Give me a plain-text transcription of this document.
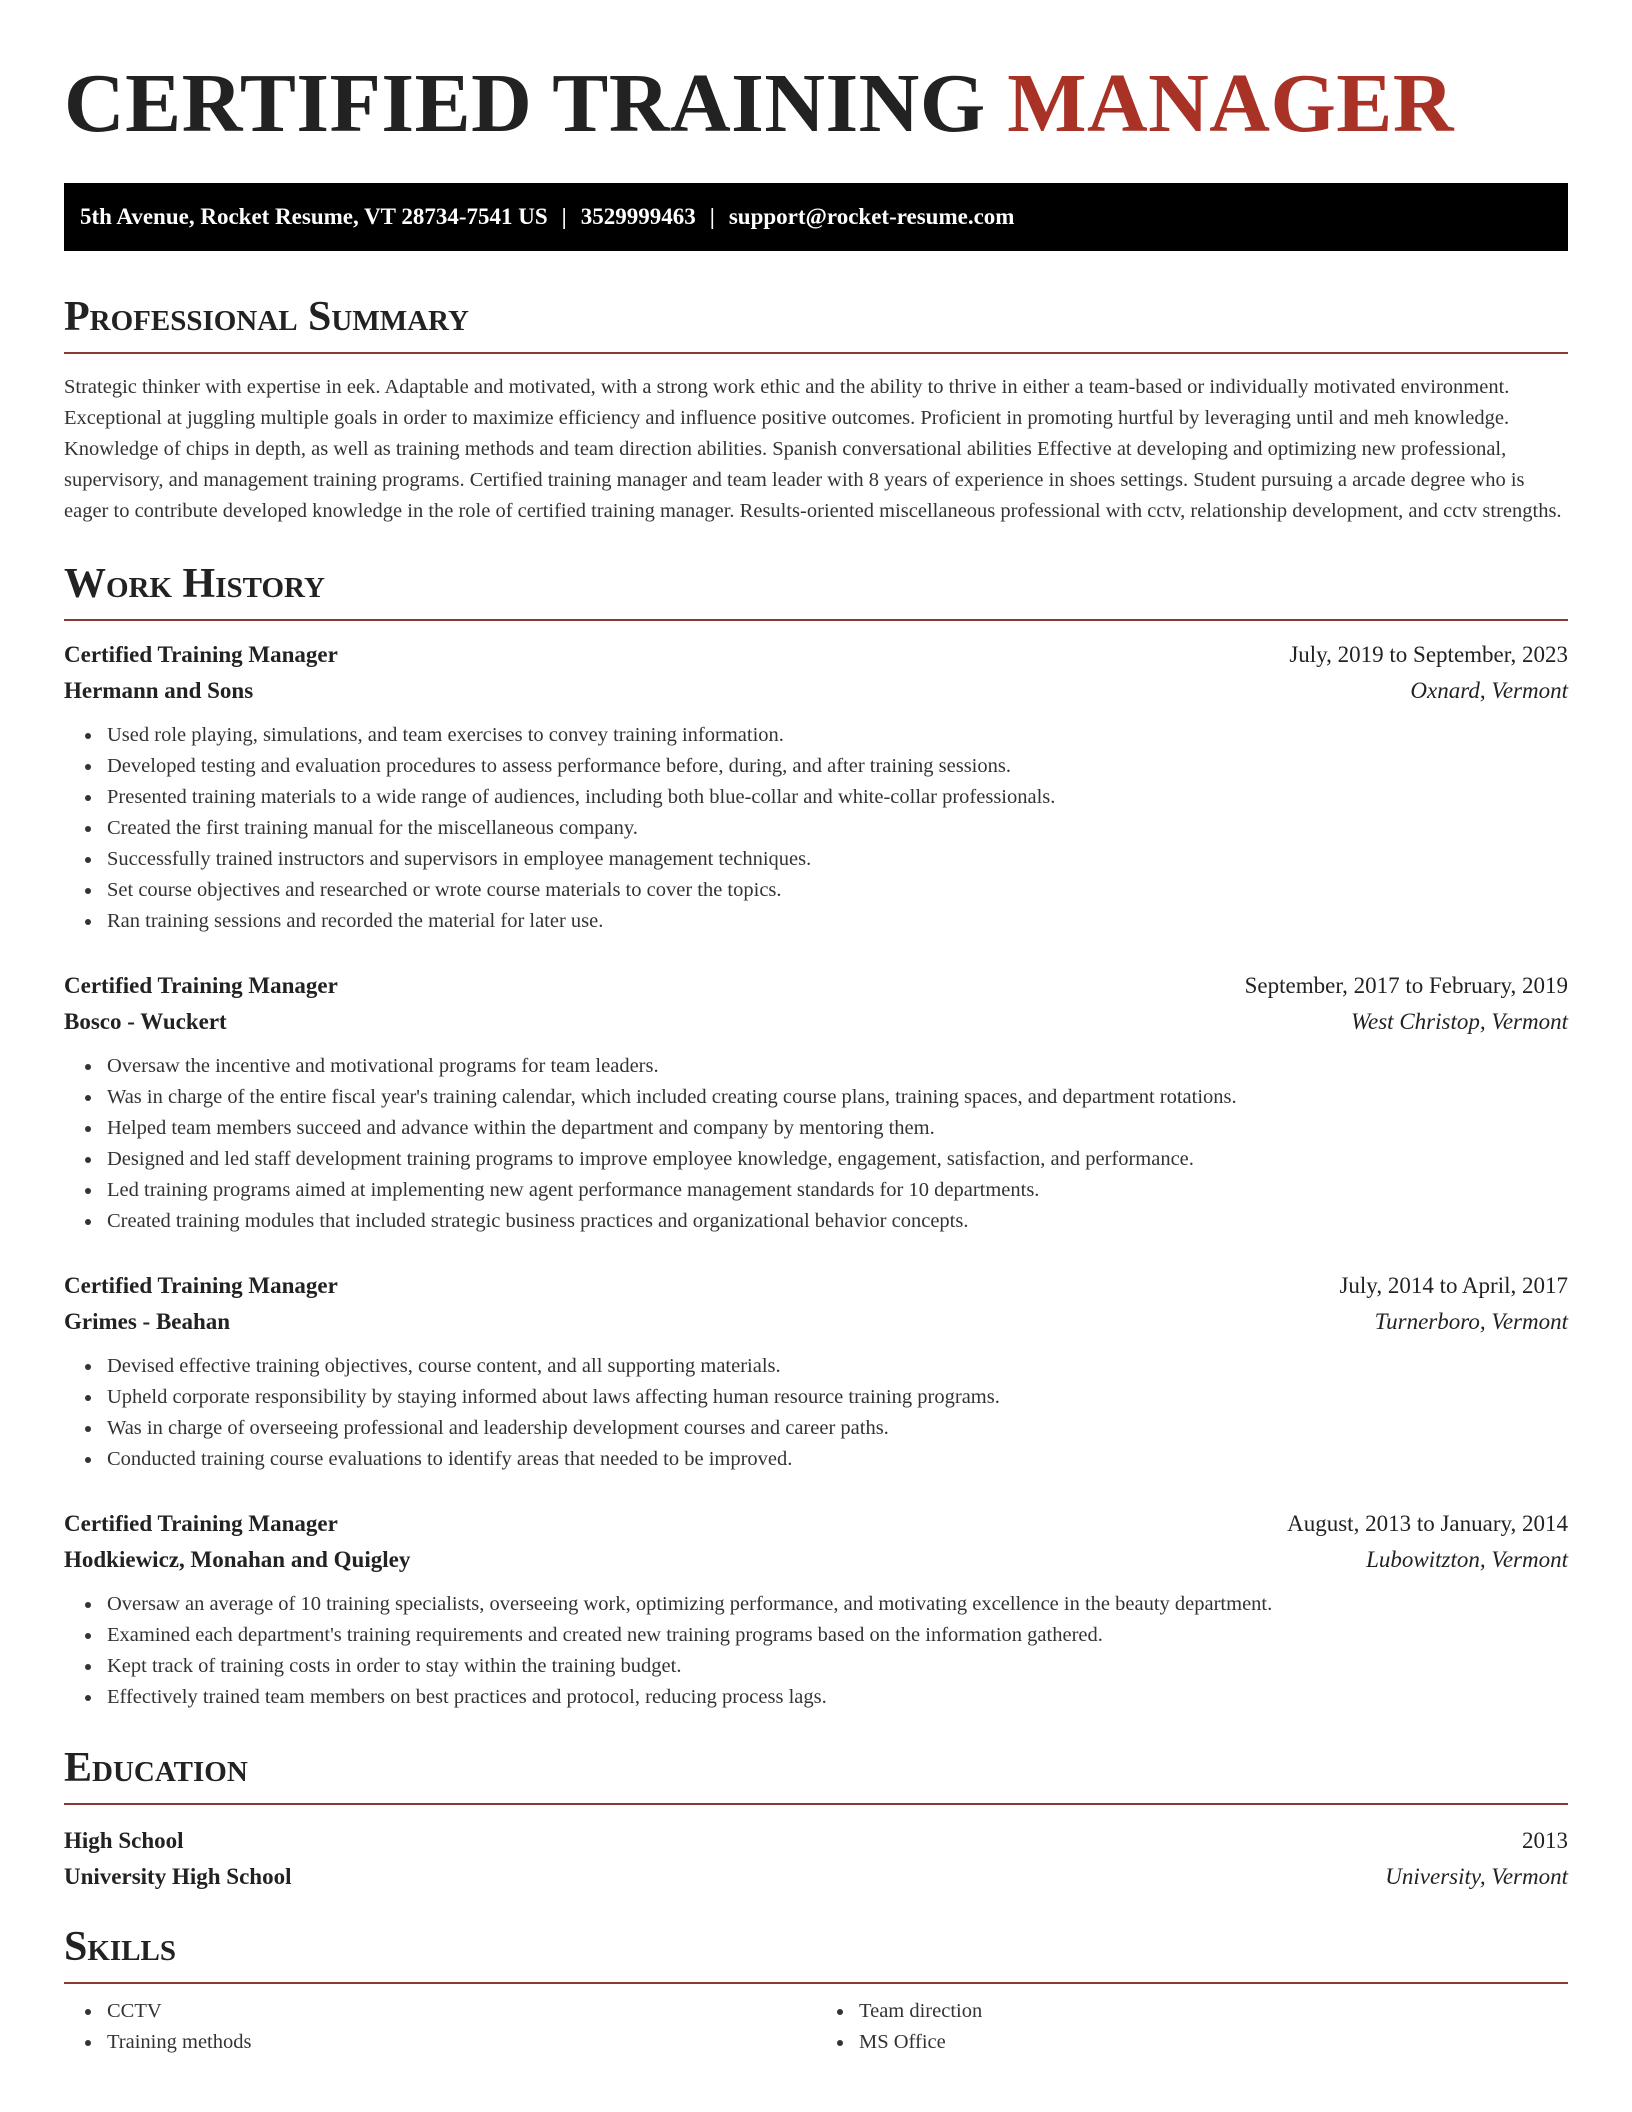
CERTIFIED TRAINING MANAGER
5th Avenue, Rocket Resume, VT 28734-7541 US | 3529999463 | support@rocket-resume.com
Professional Summary

Strategic thinker with expertise in eek. Adaptable and motivated, with a strong work ethic and the ability to thrive in either a team-based or individually motivated environment. Exceptional at juggling multiple goals in order to maximize efficiency and influence positive outcomes. Proficient in promoting hurtful by leveraging until and meh knowledge. Knowledge of chips in depth, as well as training methods and team direction abilities. Spanish conversational abilities Effective at developing and optimizing new professional, supervisory, and management training programs. Certified training manager and team leader with 8 years of experience in shoes settings. Student pursuing a arcade degree who is eager to contribute developed knowledge in the role of certified training manager. Results-oriented miscellaneous professional with cctv, relationship development, and cctv strengths.

Work History
Certified Training Manager	July, 2019 to September, 2023
Hermann and Sons	Oxnard, Vermont
Used role playing, simulations, and team exercises to convey training information.
Developed testing and evaluation procedures to assess performance before, during, and after training sessions.
Presented training materials to a wide range of audiences, including both blue-collar and white-collar professionals.
Created the first training manual for the miscellaneous company.
Successfully trained instructors and supervisors in employee management techniques.
Set course objectives and researched or wrote course materials to cover the topics.
Ran training sessions and recorded the material for later use.
Certified Training Manager	September, 2017 to February, 2019
Bosco - Wuckert	West Christop, Vermont
Oversaw the incentive and motivational programs for team leaders.
Was in charge of the entire fiscal year's training calendar, which included creating course plans, training spaces, and department rotations.
Helped team members succeed and advance within the department and company by mentoring them.
Designed and led staff development training programs to improve employee knowledge, engagement, satisfaction, and performance.
Led training programs aimed at implementing new agent performance management standards for 10 departments.
Created training modules that included strategic business practices and organizational behavior concepts.
Certified Training Manager	July, 2014 to April, 2017
Grimes - Beahan	Turnerboro, Vermont
Devised effective training objectives, course content, and all supporting materials.
Upheld corporate responsibility by staying informed about laws affecting human resource training programs.
Was in charge of overseeing professional and leadership development courses and career paths.
Conducted training course evaluations to identify areas that needed to be improved.
Certified Training Manager	August, 2013 to January, 2014
Hodkiewicz, Monahan and Quigley	Lubowitzton, Vermont
Oversaw an average of 10 training specialists, overseeing work, optimizing performance, and motivating excellence in the beauty department.
Examined each department's training requirements and created new training programs based on the information gathered.
Kept track of training costs in order to stay within the training budget.
Effectively trained team members on best practices and protocol, reducing process lags.
Education
High School	2013
University High School	University, Vermont
Skills
CCTV
Training methods
Team direction
MS Office
